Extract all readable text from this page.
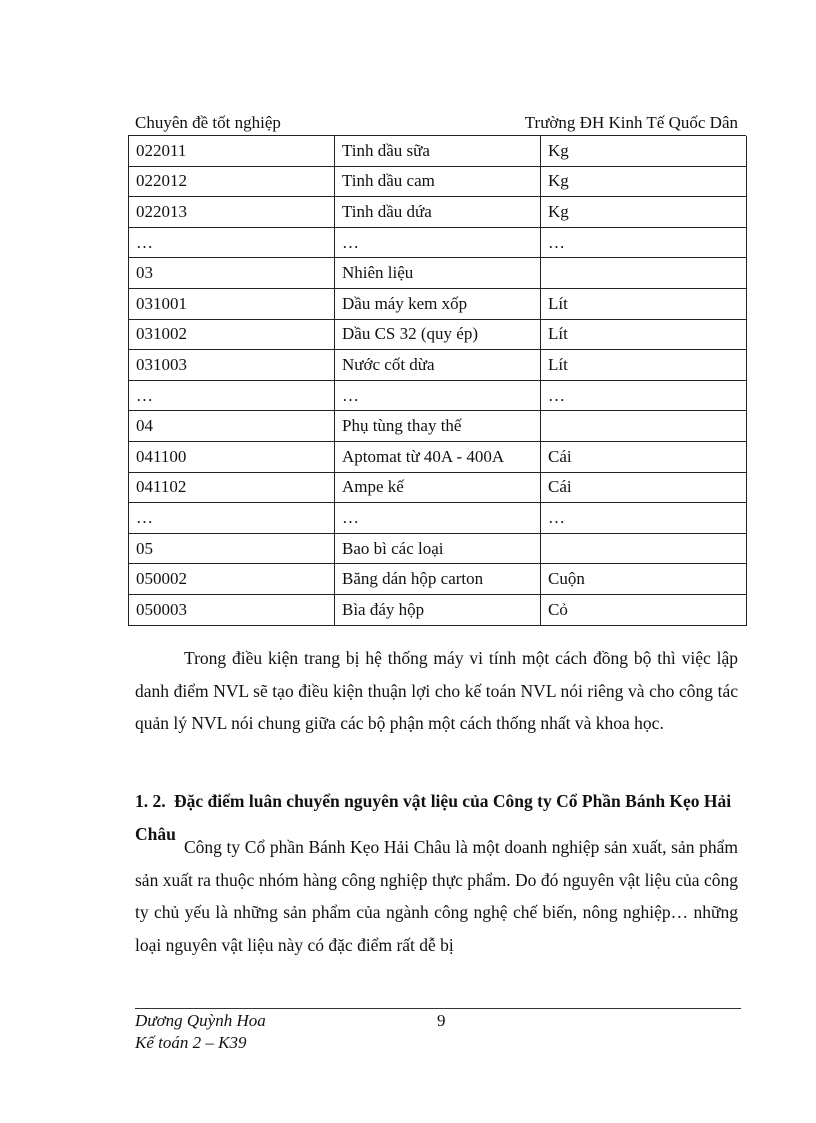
Chuyên đề tốt nghiệp	Trường ĐH Kinh Tế Quốc Dân
022011	Tinh dầu sữa	Kg
022012	Tinh dầu cam	Kg
022013	Tinh dầu dứa	Kg
…	…	…
03	Nhiên liệu	
031001	Dầu máy kem xốp	Lít
031002	Dầu CS 32 (quy ép)	Lít
031003	Nước cốt dừa	Lít
…	…	…
04	Phụ tùng thay thế	
041100	Aptomat từ 40A - 400A	Cái
041102	Ampe kế	Cái
…	…	…
05	Bao bì các loại	
050002	Băng dán hộp carton	Cuộn
050003	Bìa đáy hộp	Cỏ

Trong điều kiện trang bị hệ thống máy vi tính một cách đồng bộ thì việc lập danh điểm NVL sẽ tạo điều kiện thuận lợi cho kế toán NVL nói riêng và cho công tác quản lý NVL nói chung giữa các bộ phận một cách thống nhất và khoa học.

1. 2. Đặc điểm luân chuyển nguyên vật liệu của Công ty Cổ Phần Bánh Kẹo Hải Châu

Công ty Cổ phần Bánh Kẹo Hải Châu là một doanh nghiệp sản xuất, sản phẩm sản xuất ra thuộc nhóm hàng công nghiệp thực phẩm. Do đó nguyên vật liệu của công ty chủ yếu là những sản phẩm của ngành công nghệ chế biến, nông nghiệp… những loại nguyên vật liệu này có đặc điểm rất dễ bị

Dương Quỳnh Hoa
Kế toán 2 – K39
9
